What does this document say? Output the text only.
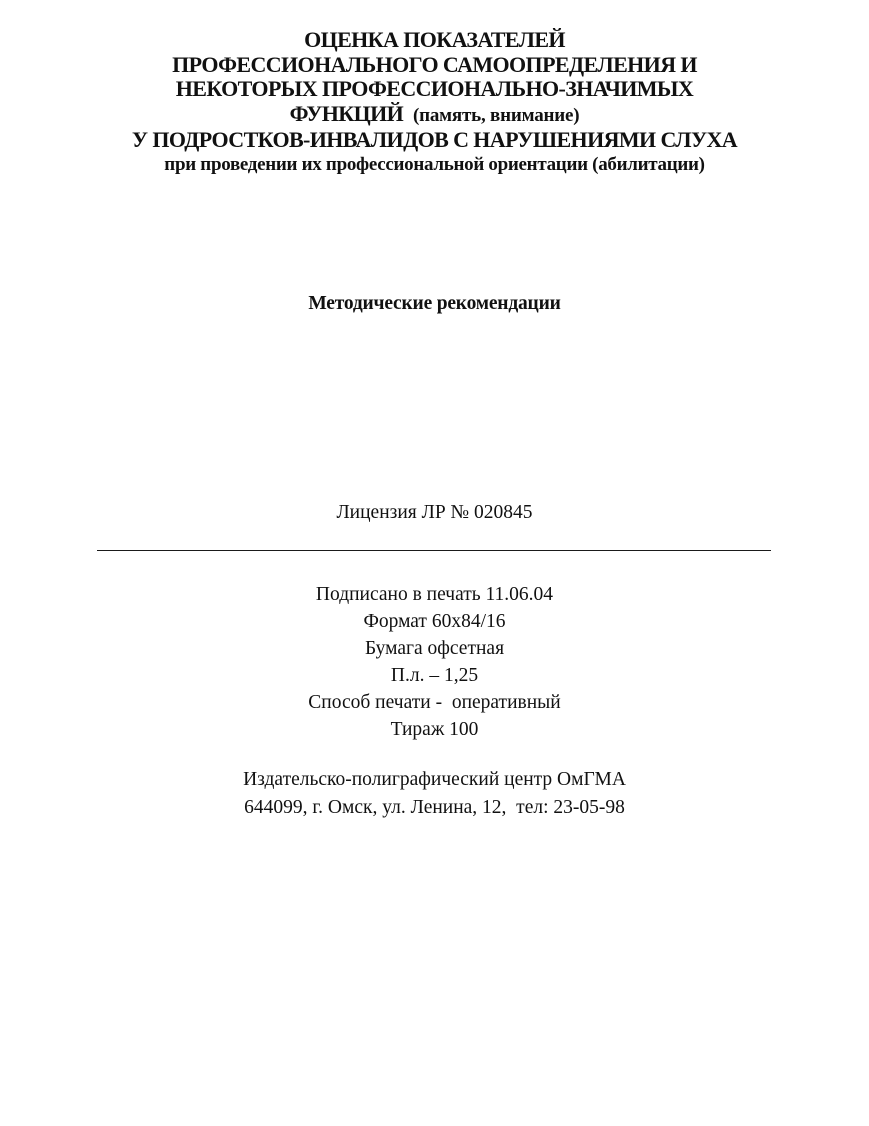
ОЦЕНКА ПОКАЗАТЕЛЕЙ
ПРОФЕССИОНАЛЬНОГО САМООПРЕДЕЛЕНИЯ И
НЕКОТОРЫХ ПРОФЕССИОНАЛЬНО-ЗНАЧИМЫХ
ФУНКЦИЙ (память, внимание)
У ПОДРОСТКОВ-ИНВАЛИДОВ С НАРУШЕНИЯМИ СЛУХА
при проведении их профессиональной ориентации (абилитации)
Методические рекомендации
Лицензия ЛР № 020845
Подписано в печать 11.06.04
Формат 60x84/16
Бумага офсетная
П.л. – 1,25
Способ печати -  оперативный
Тираж 100
Издательско-полиграфический центр ОмГМА
644099, г. Омск, ул. Ленина, 12,  тел: 23-05-98
